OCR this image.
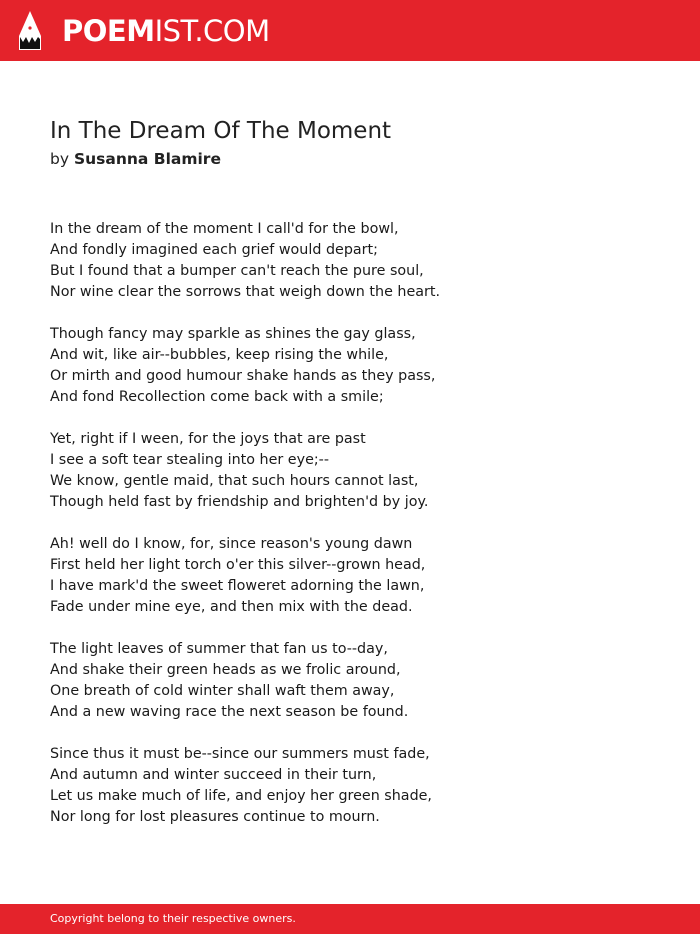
POEMIST.COM
In The Dream Of The Moment
by Susanna Blamire
In the dream of the moment I call'd for the bowl,
And fondly imagined each grief would depart;
But I found that a bumper can't reach the pure soul,
Nor wine clear the sorrows that weigh down the heart.
Though fancy may sparkle as shines the gay glass,
And wit, like air--bubbles, keep rising the while,
Or mirth and good humour shake hands as they pass,
And fond Recollection come back with a smile;
Yet, right if I ween, for the joys that are past
I see a soft tear stealing into her eye;--
We know, gentle maid, that such hours cannot last,
Though held fast by friendship and brighten'd by joy.
Ah! well do I know, for, since reason's young dawn
First held her light torch o'er this silver--grown head,
I have mark'd the sweet floweret adorning the lawn,
Fade under mine eye, and then mix with the dead.
The light leaves of summer that fan us to--day,
And shake their green heads as we frolic around,
One breath of cold winter shall waft them away,
And a new waving race the next season be found.
Since thus it must be--since our summers must fade,
And autumn and winter succeed in their turn,
Let us make much of life, and enjoy her green shade,
Nor long for lost pleasures continue to mourn.
Copyright belong to their respective owners.
